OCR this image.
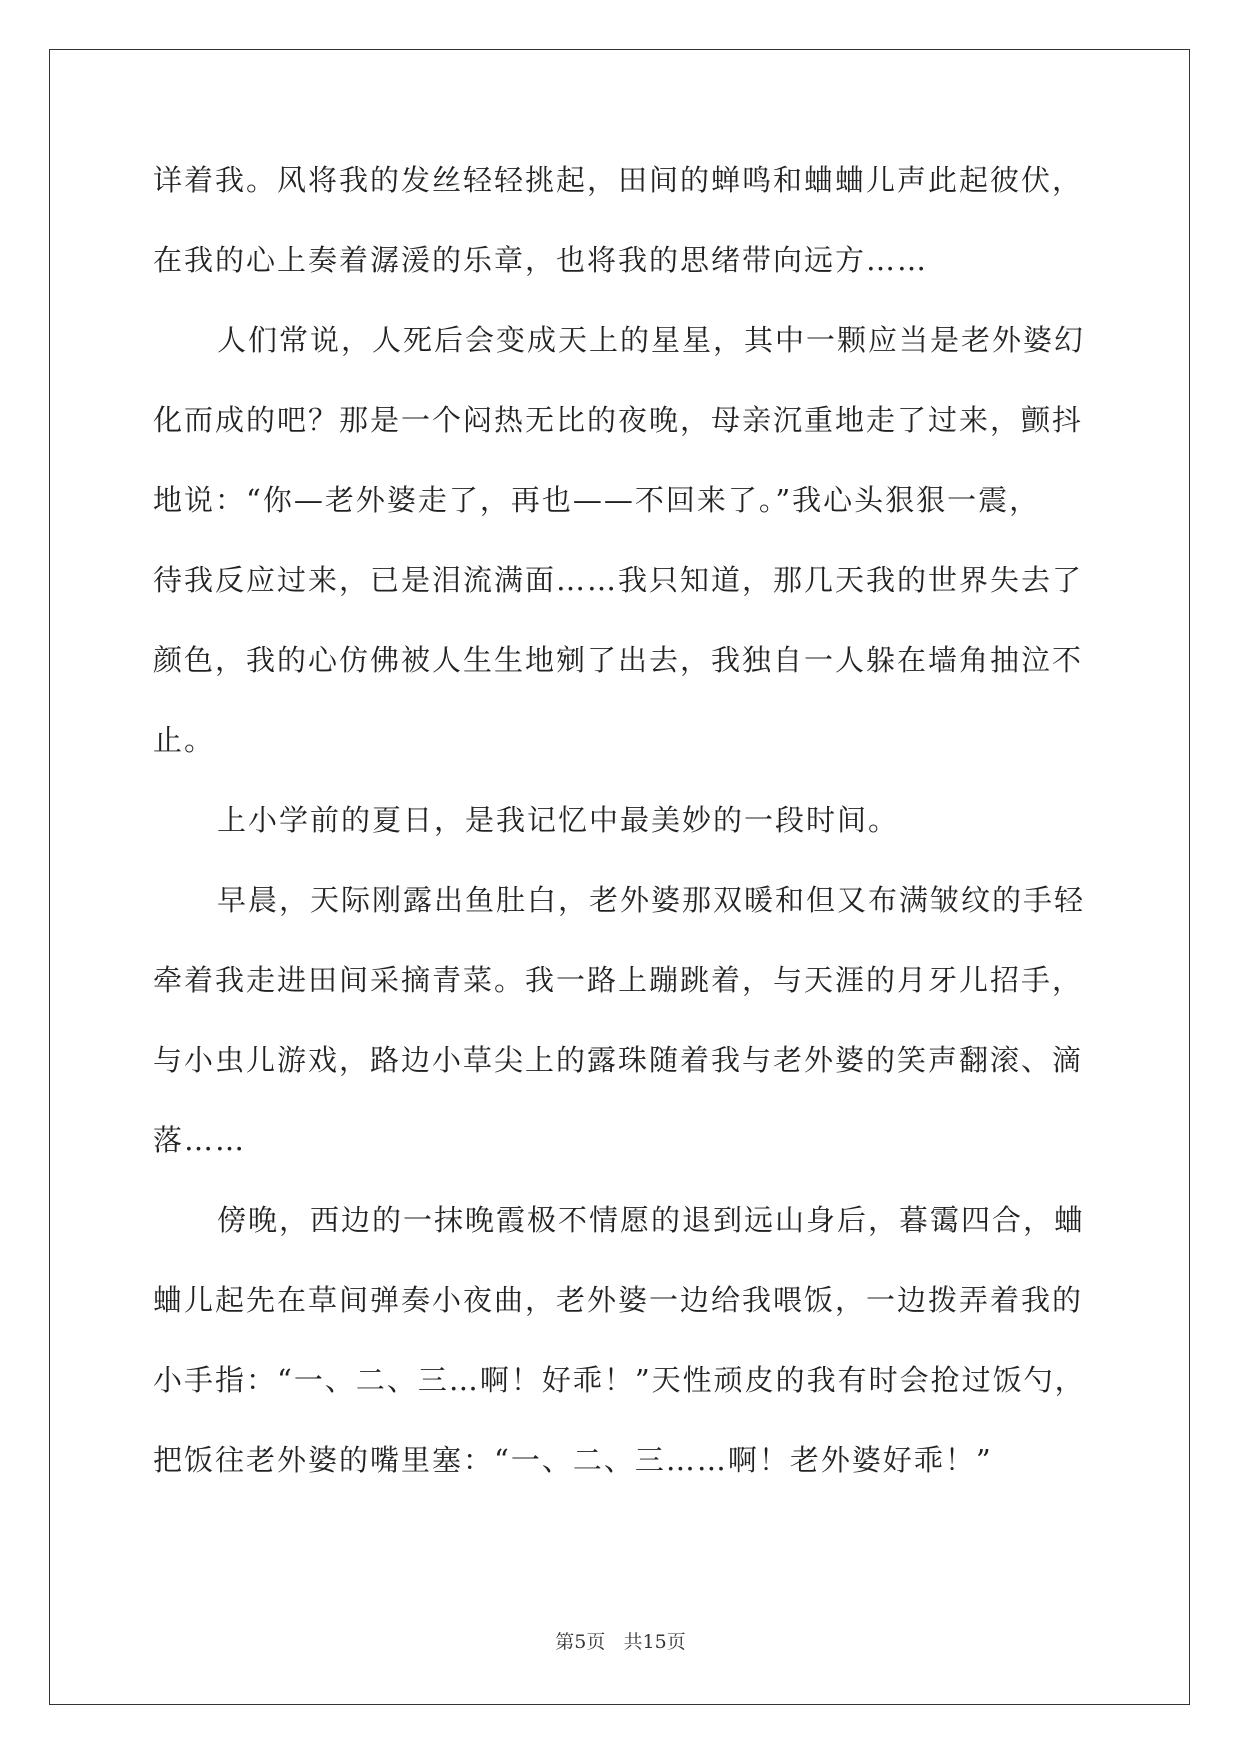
详着我。风将我的发丝轻轻挑起，田间的蝉鸣和蛐蛐儿声此起彼伏，
在我的心上奏着潺湲的乐章，也将我的思绪带向远方……
人们常说，人死后会变成天上的星星，其中一颗应当是老外婆幻
化而成的吧？那是一个闷热无比的夜晚，母亲沉重地走了过来，颤抖
地说：“你—老外婆走了，再也——不回来了。”我心头狠狠一震，
待我反应过来，已是泪流满面……我只知道，那几天我的世界失去了
颜色，我的心仿佛被人生生地剜了出去，我独自一人躲在墙角抽泣不
止。
上小学前的夏日，是我记忆中最美妙的一段时间。
早晨，天际刚露出鱼肚白，老外婆那双暖和但又布满皱纹的手轻
牵着我走进田间采摘青菜。我一路上蹦跳着，与天涯的月牙儿招手，
与小虫儿游戏，路边小草尖上的露珠随着我与老外婆的笑声翻滚、滴
落……
傍晚，西边的一抹晚霞极不情愿的退到远山身后，暮霭四合，蛐
蛐儿起先在草间弹奏小夜曲，老外婆一边给我喂饭，一边拨弄着我的
小手指：“一、二、三…啊！好乖！”天性顽皮的我有时会抢过饭勺，
把饭往老外婆的嘴里塞：“一、二、三……啊！老外婆好乖！”
第5页 共15页
